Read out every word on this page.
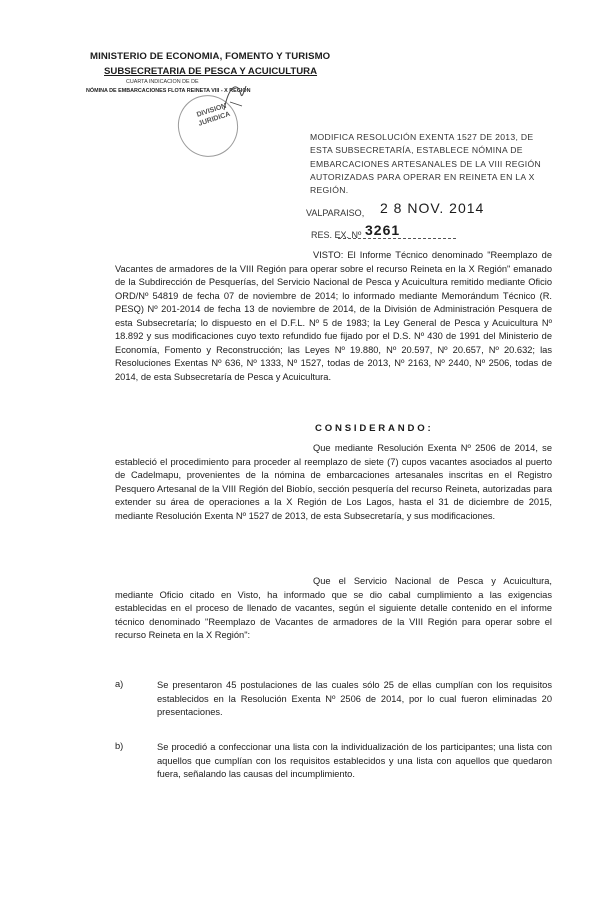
MINISTERIO DE ECONOMIA, FOMENTO Y TURISMO
SUBSECRETARIA DE PESCA Y ACUICULTURA
CUARTA INDICACION DE DE
NÓMINA DE EMBARCACIONES FLOTA REINETA VIII - X REGION
DIVISION JURIDICA
MODIFICA RESOLUCIÓN EXENTA 1527 DE 2013, DE ESTA SUBSECRETARÍA, ESTABLECE NÓMINA DE EMBARCACIONES ARTESANALES DE LA VIII REGIÓN AUTORIZADAS PARA OPERAR EN REINETA EN LA X REGIÓN.
VALPARAISO, 2 8 NOV. 2014
RES. EX. Nº 3261
VISTO: El Informe Técnico denominado "Reemplazo de Vacantes de armadores de la VIII Región para operar sobre el recurso Reineta en la X Región" emanado de la Subdirección de Pesquerías, del Servicio Nacional de Pesca y Acuicultura remitido mediante Oficio ORD/Nº 54819 de fecha 07 de noviembre de 2014; lo informado mediante Memorándum Técnico (R. PESQ) Nº 201-2014 de fecha 13 de noviembre de 2014, de la División de Administración Pesquera de esta Subsecretaría; lo dispuesto en el D.F.L. Nº 5 de 1983; la Ley General de Pesca y Acuicultura Nº 18.892 y sus modificaciones cuyo texto refundido fue fijado por el D.S. Nº 430 de 1991 del Ministerio de Economía, Fomento y Reconstrucción; las Leyes Nº 19.880, Nº 20.597, Nº 20.657, Nº 20.632; las Resoluciones Exentas Nº 636, Nº 1333, Nº 1527, todas de 2013, Nº 2163, Nº 2440, Nº 2506, todas de 2014, de esta Subsecretaría de Pesca y Acuicultura.
CONSIDERANDO:
Que mediante Resolución Exenta Nº 2506 de 2014, se estableció el procedimiento para proceder al reemplazo de siete (7) cupos vacantes asociados al puerto de Cadelmapu, provenientes de la nómina de embarcaciones artesanales inscritas en el Registro Pesquero Artesanal de la VIII Región del Biobío, sección pesquería del recurso Reineta, autorizadas para extender su área de operaciones a la X Región de Los Lagos, hasta el 31 de diciembre de 2015, mediante Resolución Exenta Nº 1527 de 2013, de esta Subsecretaría, y sus modificaciones.
Que el Servicio Nacional de Pesca y Acuicultura, mediante Oficio citado en Visto, ha informado que se dio cabal cumplimiento a las exigencias establecidas en el proceso de llenado de vacantes, según el siguiente detalle contenido en el informe técnico denominado "Reemplazo de Vacantes de armadores de la VIII Región para operar sobre el recurso Reineta en la X Región":
a)	Se presentaron 45 postulaciones de las cuales sólo 25 de ellas cumplían con los requisitos establecidos en la Resolución Exenta Nº 2506 de 2014, por lo cual fueron eliminadas 20 presentaciones.
b)	Se procedió a confeccionar una lista con la individualización de los participantes; una lista con aquellos que cumplían con los requisitos establecidos y una lista con aquellos que quedaron fuera, señalando las causas del incumplimiento.
